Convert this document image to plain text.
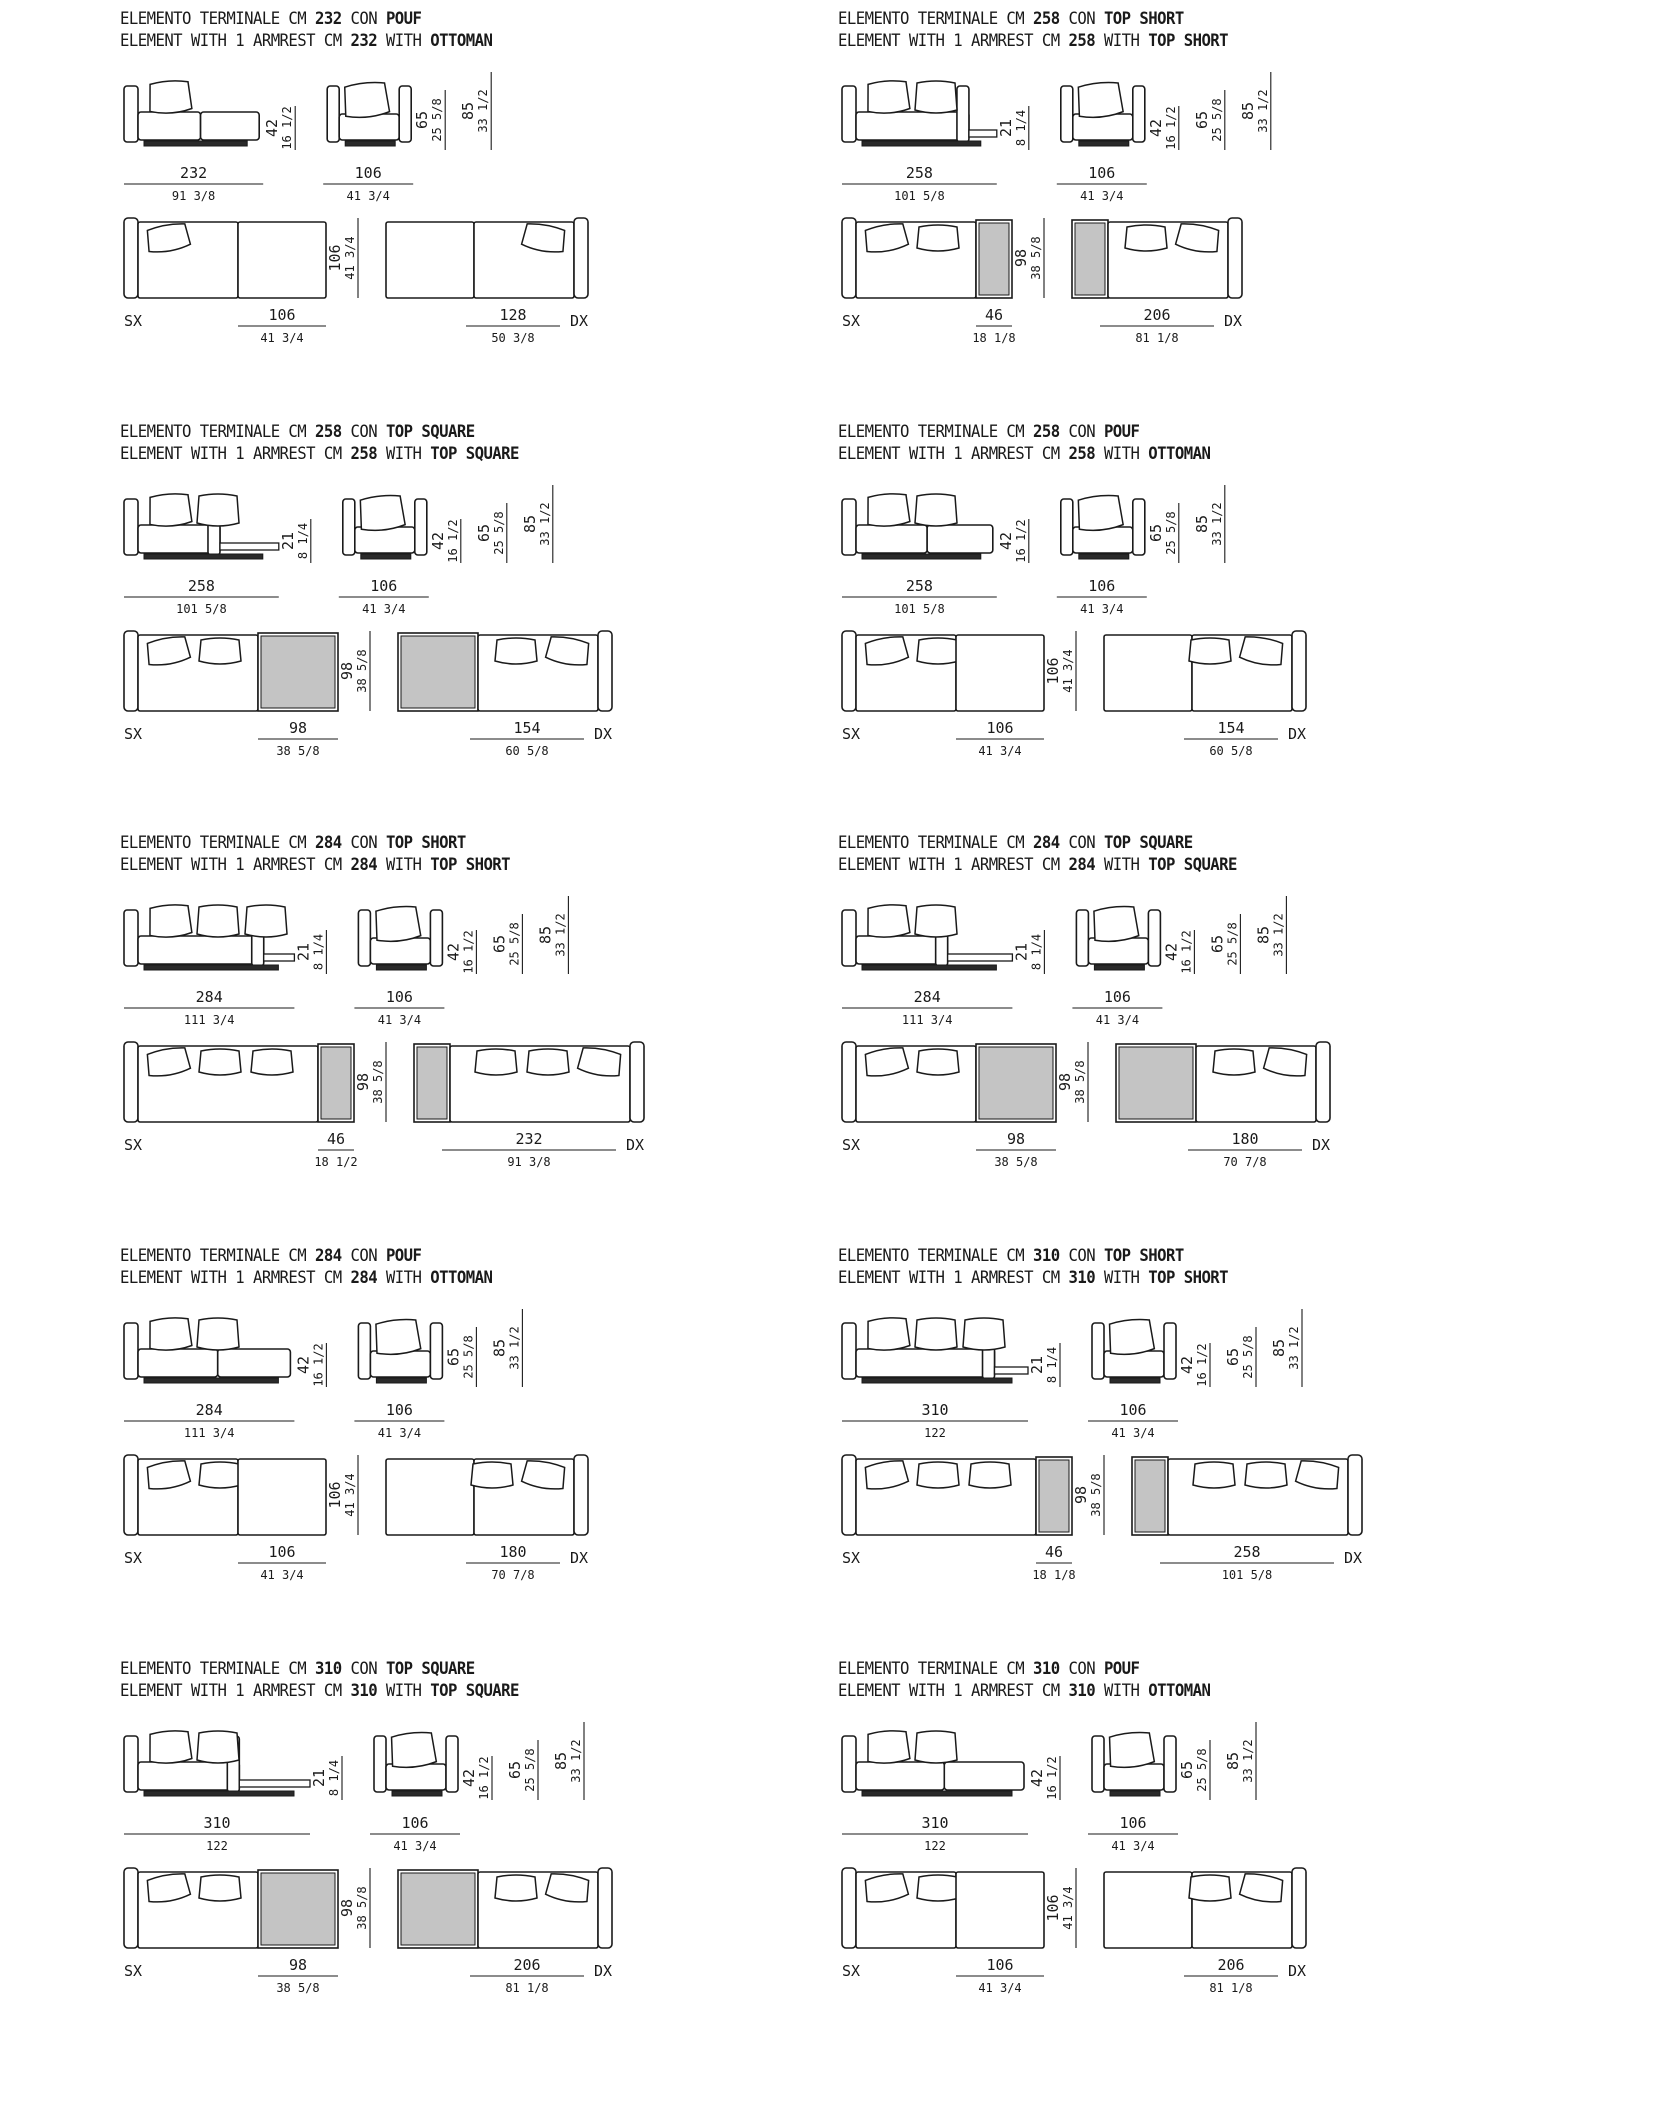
ELEMENTO TERMINALE CM 232 CON POUF
ELEMENT WITH 1 ARMREST CM 232 WITH OTTOMAN
232
91 3/8
42 16 1/2
106
41 3/4
65 25 5/8 85 33 1/2
SX	106
41 3/4
106 41 3/4
DX
128
50 3/8
ELEMENTO TERMINALE CM 258 CON TOP SHORT
ELEMENT WITH 1 ARMREST CM 258 WITH TOP SHORT
258
101 5/8
21 8 1/4
106
41 3/4
42 16 1/2 65 25 5/8 85 33 1/2
SX	46
18 1/8
98 38 5/8
DX
206
81 1/8
ELEMENTO TERMINALE CM 258 CON TOP SQUARE
ELEMENT WITH 1 ARMREST CM 258 WITH TOP SQUARE
258
101 5/8
21 8 1/4
106
41 3/4
42 16 1/2 65 25 5/8 85 33 1/2
SX	98
38 5/8
98 38 5/8
DX
154
60 5/8
ELEMENTO TERMINALE CM 258 CON POUF
ELEMENT WITH 1 ARMREST CM 258 WITH OTTOMAN
258
101 5/8
42 16 1/2
106
41 3/4
65 25 5/8 85 33 1/2
SX	106
41 3/4
106 41 3/4
DX
154
60 5/8
ELEMENTO TERMINALE CM 284 CON TOP SHORT
ELEMENT WITH 1 ARMREST CM 284 WITH TOP SHORT
284
111 3/4
21 8 1/4
106
41 3/4
42 16 1/2 65 25 5/8 85 33 1/2
SX	46
18 1/2
98 38 5/8
DX
232
91 3/8
ELEMENTO TERMINALE CM 284 CON TOP SQUARE
ELEMENT WITH 1 ARMREST CM 284 WITH TOP SQUARE
284
111 3/4
21 8 1/4
106
41 3/4
42 16 1/2 65 25 5/8 85 33 1/2
SX	98
38 5/8
98 38 5/8
DX
180
70 7/8
ELEMENTO TERMINALE CM 284 CON POUF
ELEMENT WITH 1 ARMREST CM 284 WITH OTTOMAN
284
111 3/4
42 16 1/2
106
41 3/4
65 25 5/8 85 33 1/2
SX	106
41 3/4
106 41 3/4
DX
180
70 7/8
ELEMENTO TERMINALE CM 310 CON TOP SHORT
ELEMENT WITH 1 ARMREST CM 310 WITH TOP SHORT
310
122
21 8 1/4
106
41 3/4
42 16 1/2 65 25 5/8 85 33 1/2
SX	46
18 1/8
98 38 5/8
DX
258
101 5/8
ELEMENTO TERMINALE CM 310 CON TOP SQUARE
ELEMENT WITH 1 ARMREST CM 310 WITH TOP SQUARE
310
122
21 8 1/4
106
41 3/4
42 16 1/2 65 25 5/8 85 33 1/2
SX	98
38 5/8
98 38 5/8
DX
206
81 1/8
ELEMENTO TERMINALE CM 310 CON POUF
ELEMENT WITH 1 ARMREST CM 310 WITH OTTOMAN
310
122
42 16 1/2
106
41 3/4
65 25 5/8 85 33 1/2
SX	106
41 3/4
106 41 3/4
DX
206
81 1/8
